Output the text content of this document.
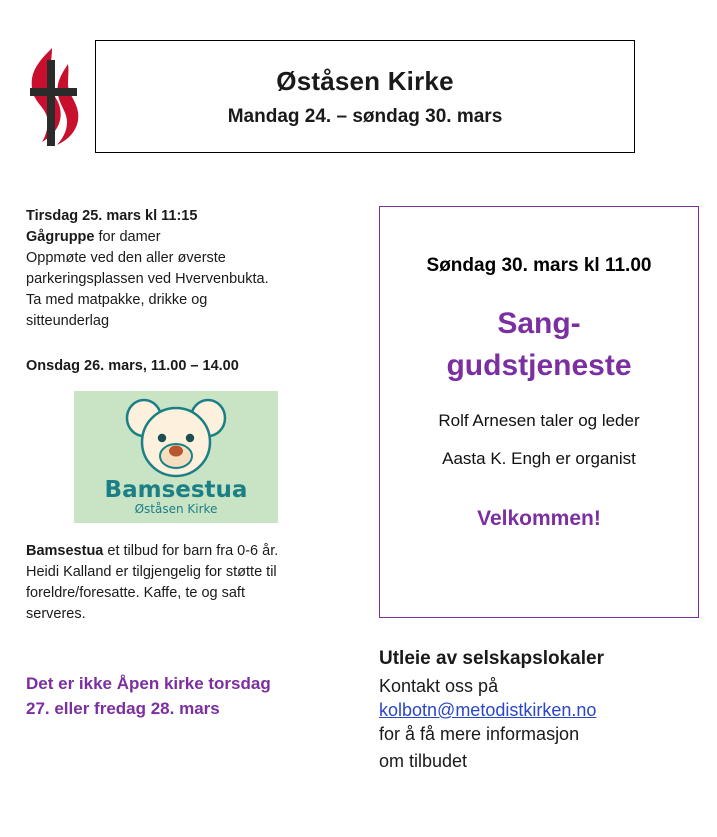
Øståsen Kirke
Mandag 24. – søndag 30. mars
Tirsdag 25. mars kl 11:15
Gågruppe for damer
Oppmøte ved den aller øverste
parkeringsplassen ved Hvervenbukta.
Ta med matpakke, drikke og
sitteunderlag
Onsdag 26. mars, 11.00 – 14.00
Bamsestua
Øståsen Kirke
Bamsestua et tilbud for barn fra 0-6 år.
Heidi Kalland er tilgjengelig for støtte til
foreldre/foresatte. Kaffe, te og saft
serveres.
Det er ikke Åpen kirke torsdag
27. eller fredag 28. mars
Søndag 30. mars kl 11.00
Sang-
gudstjeneste
Rolf Arnesen taler og leder
Aasta K. Engh er organist
Velkommen!
Utleie av selskapslokaler
Kontakt oss på
kolbotn@metodistkirken.no
for å få mere informasjon
om tilbudet
